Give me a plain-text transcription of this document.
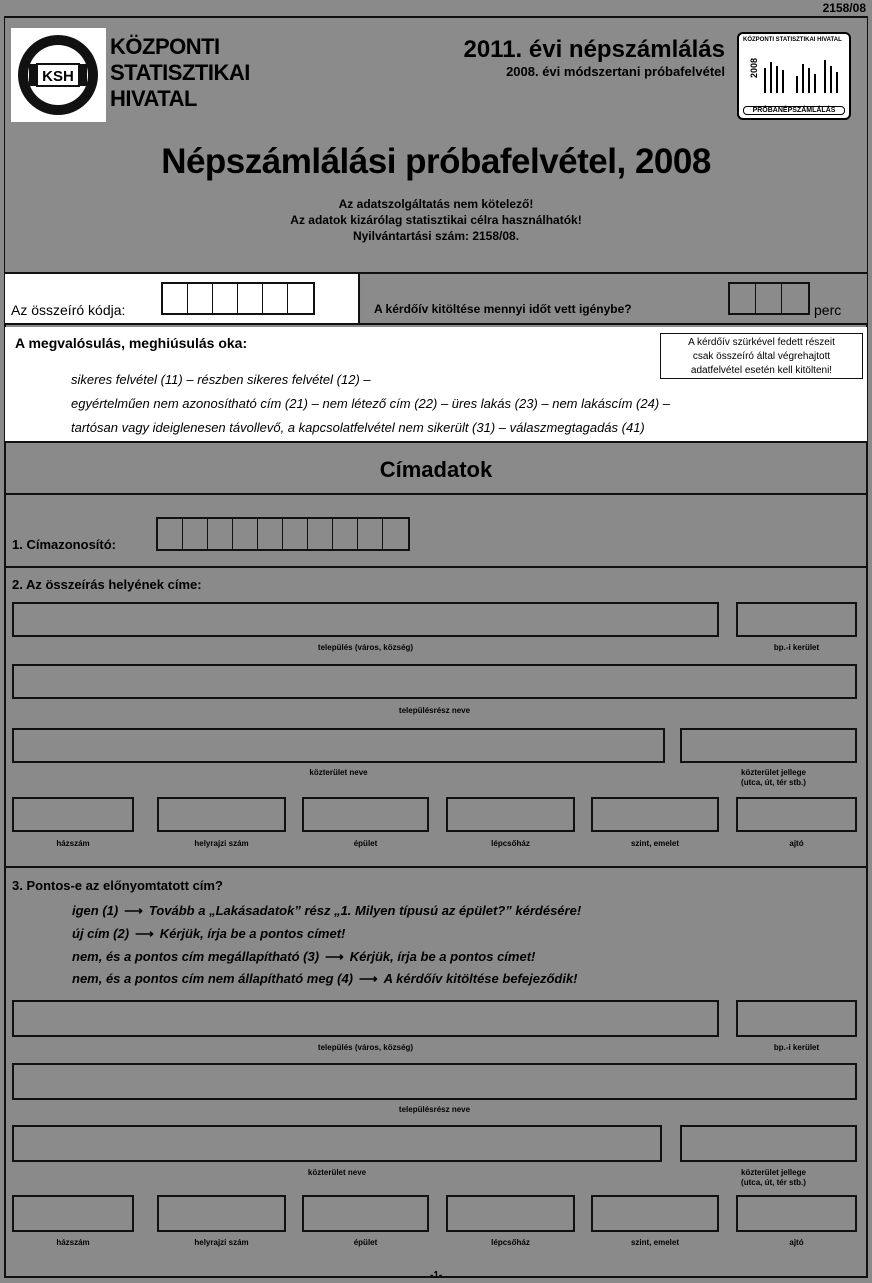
2158/08
KSH
KÖZPONTI
STATISZTIKAI
HIVATAL
2011. évi népszámlálás
2008. évi módszertani próbafelvétel
KÖZPONTI STATISZTIKAI HIVATAL
2008
PRÓBANÉPSZÁMLÁLÁS
Népszámlálási próbafelvétel, 2008
Az adatszolgáltatás nem kötelező!
Az adatok kizárólag statisztikai célra használhatók!
Nyilvántartási szám: 2158/08.
Az összeíró kódja:	A kérdőív kitöltése mennyi időt vett igénybe?	perc
A megvalósulás, meghiúsulás oka:
sikeres felvétel (11) – részben sikeres felvétel (12) –
egyértelműen nem azonosítható cím (21) – nem létező cím (22) – üres lakás (23) – nem lakáscím (24) –
tartósan vagy ideiglenesen távollevő, a kapcsolatfelvétel nem sikerült (31) – válaszmegtagadás (41)
A kérdőív szürkével fedett részeit
csak összeíró által végrehajtott
adatfelvétel esetén kell kitölteni!
Címadatok
1. Címazonosító:
2. Az összeírás helyének címe:
település (város, község)	bp.-i kerület
településrész neve
közterület neve	közterület jellege
(utca, út, tér stb.)
házszám	helyrajzi szám	épület	lépcsőház	szint, emelet	ajtó
3. Pontos-e az előnyomtatott cím?
igen (1) ⟶ Tovább a „Lakásadatok” rész „1. Milyen típusú az épület?” kérdésére!
új cím (2) ⟶ Kérjük, írja be a pontos címet!
nem, és a pontos cím megállapítható (3) ⟶ Kérjük, írja be a pontos címet!
nem, és a pontos cím nem állapítható meg (4) ⟶ A kérdőív kitöltése befejeződik!
település (város, község)	bp.-i kerület
településrész neve
közterület neve	közterület jellege
(utca, út, tér stb.)
házszám	helyrajzi szám	épület	lépcsőház	szint, emelet	ajtó
-1-
